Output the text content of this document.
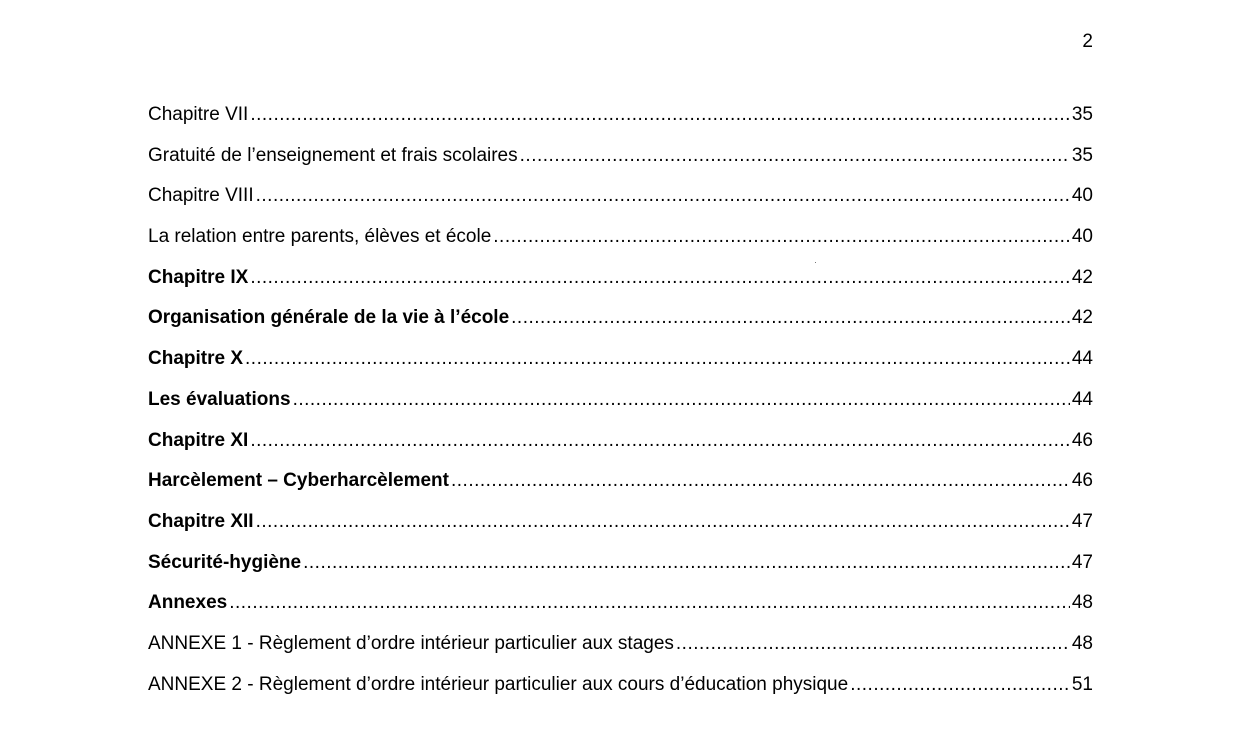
2
Chapitre VII .....	35
Gratuité de l’enseignement et frais scolaires .....	35
Chapitre VIII .....	40
La relation entre parents, élèves et école .....	40
Chapitre IX .....	42
Organisation générale de la vie à l’école .....	42
Chapitre X .....	44
Les évaluations .....	44
Chapitre XI .....	46
Harcèlement – Cyberharcèlement .....	46
Chapitre XII .....	47
Sécurité-hygiène .....	47
Annexes .....	48
ANNEXE 1 - Règlement d’ordre intérieur particulier aux stages .....	48
ANNEXE 2 - Règlement d’ordre intérieur particulier aux cours d’éducation physique .....	51
